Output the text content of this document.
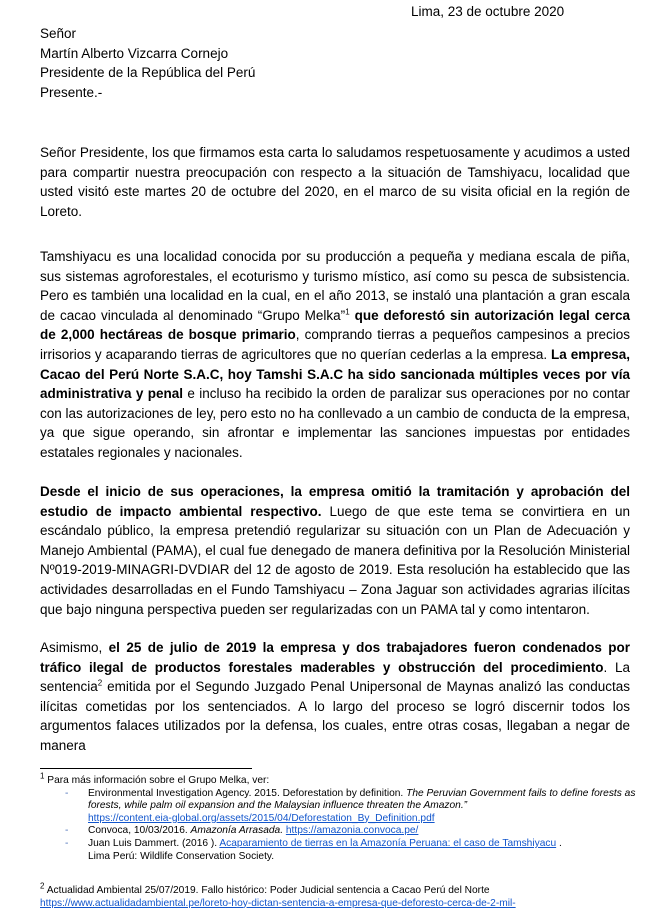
Lima, 23 de octubre 2020
Señor
Martín Alberto Vizcarra Cornejo
Presidente de la República del Perú
Presente.-
Señor Presidente, los que firmamos esta carta lo saludamos respetuosamente y acudimos a usted para compartir nuestra preocupación con respecto a la situación de Tamshiyacu, localidad que usted visitó este martes 20 de octubre del 2020, en el marco de su visita oficial en la región de Loreto.
Tamshiyacu es una localidad conocida por su producción a pequeña y mediana escala de piña, sus sistemas agroforestales, el ecoturismo y turismo místico, así como su pesca de subsistencia. Pero es también una localidad en la cual, en el año 2013, se instaló una plantación a gran escala de cacao vinculada al denominado “Grupo Melka”$^1$ que deforestó sin autorización legal cerca de 2,000 hectáreas de bosque primario, comprando tierras a pequeños campesinos a precios irrisorios y acaparando tierras de agricultores que no querían cederlas a la empresa. La empresa, Cacao del Perú Norte S.A.C, hoy Tamshi S.A.C ha sido sancionada múltiples veces por vía administrativa y penal e incluso ha recibido la orden de paralizar sus operaciones por no contar con las autorizaciones de ley, pero esto no ha conllevado a un cambio de conducta de la empresa, ya que sigue operando, sin afrontar e implementar las sanciones impuestas por entidades estatales regionales y nacionales.
Desde el inicio de sus operaciones, la empresa omitió la tramitación y aprobación del estudio de impacto ambiental respectivo. Luego de que este tema se convirtiera en un escándalo público, la empresa pretendió regularizar su situación con un Plan de Adecuación y Manejo Ambiental (PAMA), el cual fue denegado de manera definitiva por la Resolución Ministerial Nº019-2019-MINAGRI-DVDIAR del 12 de agosto de 2019. Esta resolución ha establecido que las actividades desarrolladas en el Fundo Tamshiyacu – Zona Jaguar son actividades agrarias ilícitas que bajo ninguna perspectiva pueden ser regularizadas con un PAMA tal y como intentaron.
Asimismo, el 25 de julio de 2019 la empresa y dos trabajadores fueron condenados por tráfico ilegal de productos forestales maderables y obstrucción del procedimiento. La sentencia$^2$ emitida por el Segundo Juzgado Penal Unipersonal de Maynas analizó las conductas ilícitas cometidas por los sentenciados. A lo largo del proceso se logró discernir todos los argumentos falaces utilizados por la defensa, los cuales, entre otras cosas, llegaban a negar de manera
$^1$ Para más información sobre el Grupo Melka, ver:
- Environmental Investigation Agency. 2015. Deforestation by definition. The Peruvian Government fails to define forests as forests, while palm oil expansion and the Malaysian influence threaten the Amazon.”
https://content.eia-global.org/assets/2015/04/Deforestation_By_Definition.pdf
- Convoca, 10/03/2016. Amazonía Arrasada. https://amazonia.convoca.pe/
- Juan Luis Dammert. (2016 ). Acaparamiento de tierras en la Amazonía Peruana: el caso de Tamshiyacu .
Lima Perú: Wildlife Conservation Society.
$^2$ Actualidad Ambiental 25/07/2019. Fallo histórico: Poder Judicial sentencia a Cacao Perú del Norte
https://www.actualidadambiental.pe/loreto-hoy-dictan-sentencia-a-empresa-que-deforesto-cerca-de-2-mil-
